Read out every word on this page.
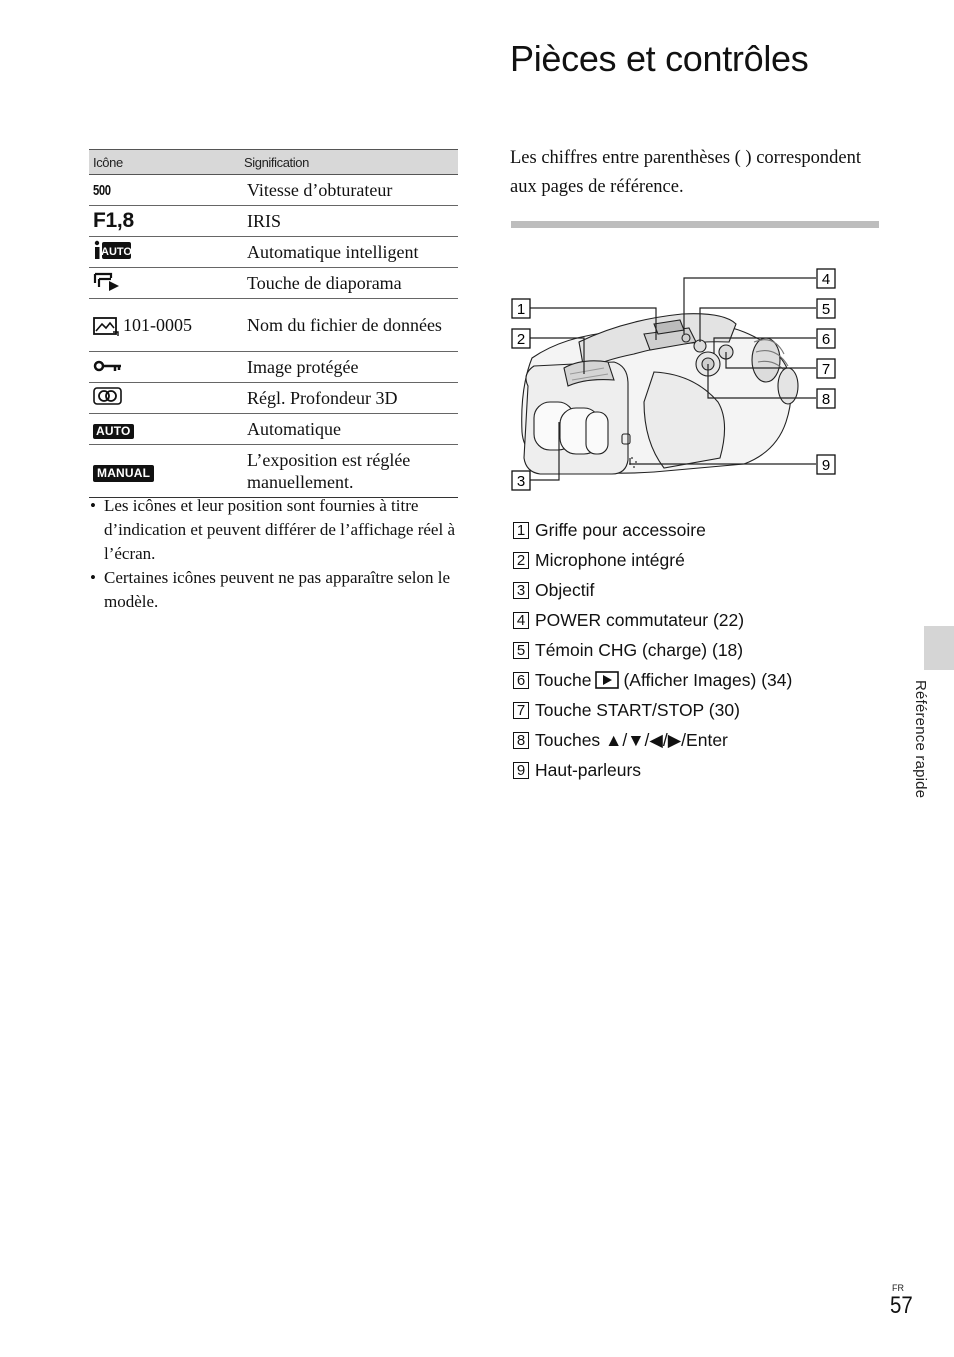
Pièces et contrôles
Icône	Signification
500	Vitesse d’obturateur
F1,8	IRIS

AUTO	Automatique intelligent
	Touche de diaporama
101-0005	Nom du fichier de données
	Image protégée
	Régl. Profondeur 3D
AUTO	Automatique
MANUAL	L’exposition est réglée manuellement.
• Les icônes et leur position sont fournies à titre d’indication et peuvent différer de l’affichage réel à l’écran.
• Certaines icônes peuvent ne pas apparaître selon le modèle.

Les chiffres entre parenthèses ( ) correspondent aux pages de référence.

1
2
3
4
5
6
7
8
9
1 Griffe pour accessoire
2 Microphone intégré
3 Objectif
4 POWER commutateur (22)
5 Témoin CHG (charge) (18)
6 Touche (Afficher Images) (34)
7 Touche START/STOP (30)
8 Touches ▲/▼/◀/▶/Enter
9 Haut-parleurs	Référence rapide
FR
57
